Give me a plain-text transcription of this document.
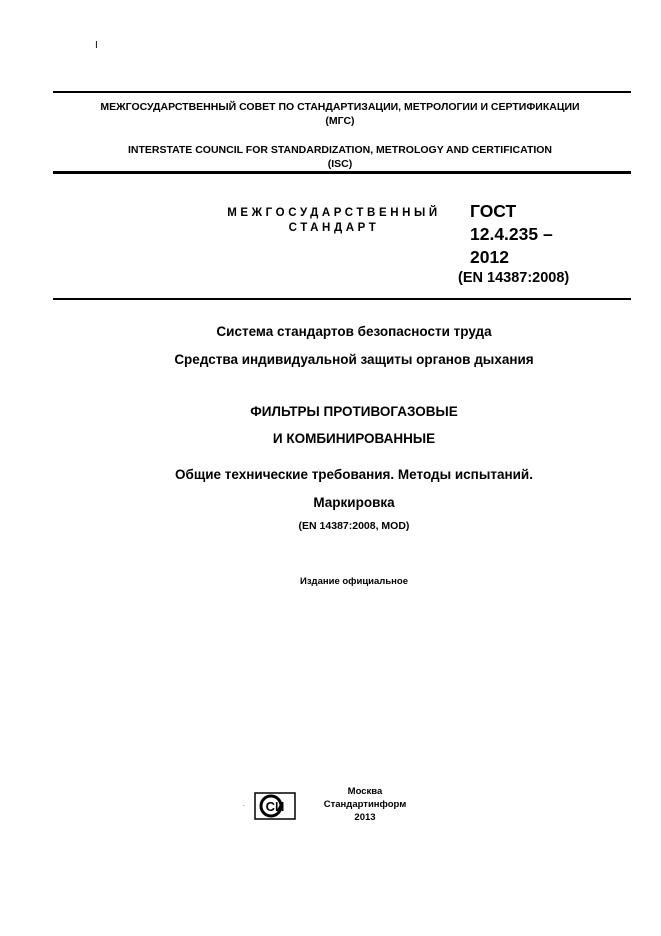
I
МЕЖГОСУДАРСТВЕННЫЙ СОВЕТ ПО СТАНДАРТИЗАЦИИ, МЕТРОЛОГИИ И СЕРТИФИКАЦИИ
(МГС)
INTERSTATE COUNCIL FOR STANDARDIZATION, METROLOGY AND CERTIFICATION
(ISC)
МЕЖГОСУДАРСТВЕННЫЙ
СТАНДАРТ
ГОСТ
12.4.235 –
2012
(EN 14387:2008)
Система стандартов безопасности труда
Средства индивидуальной защиты органов дыхания
ФИЛЬТРЫ ПРОТИВОГАЗОВЫЕ
И КОМБИНИРОВАННЫЕ
Общие технические требования. Методы испытаний.
Маркировка
(EN 14387:2008, MOD)
Издание официальное
. СИ
Москва
Стандартинформ
2013
